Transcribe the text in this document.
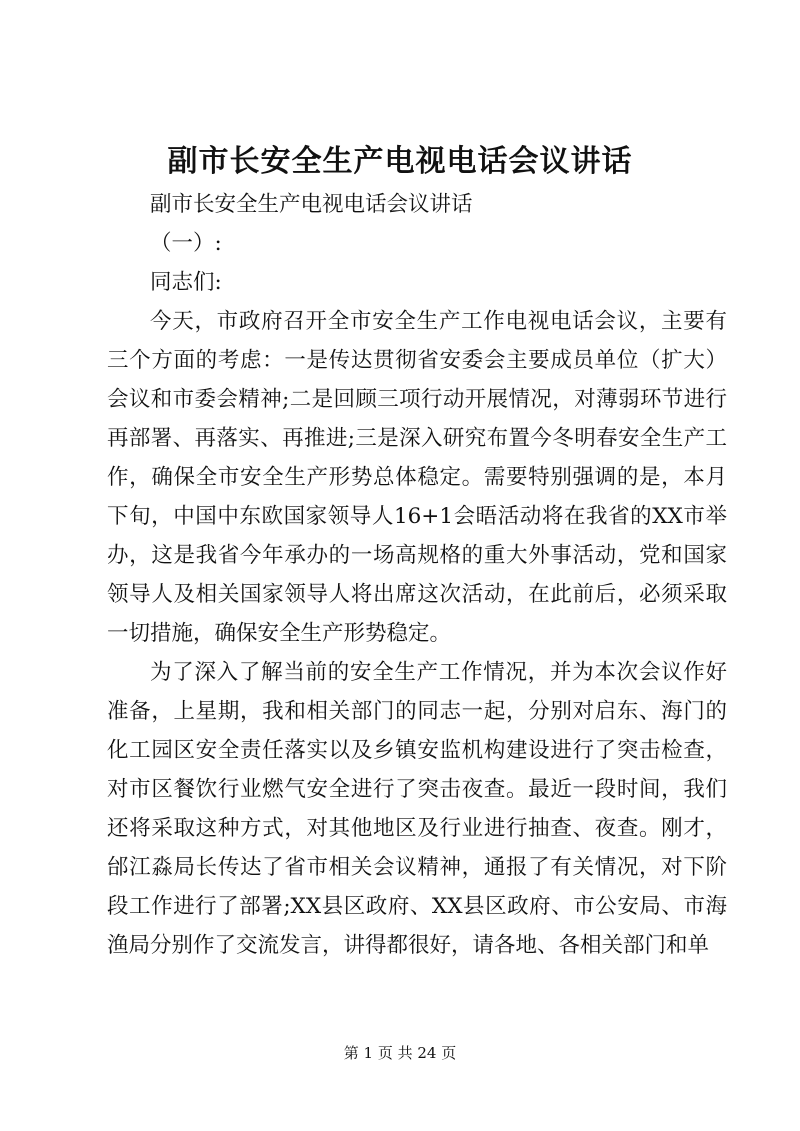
副市长安全生产电视电话会议讲话

副市长安全生产电视电话会议讲话

（一）:

同志们:

今天，市政府召开全市安全生产工作电视电话会议，主要有三个方面的考虑：一是传达贯彻省安委会主要成员单位（扩大）会议和市委会精神;二是回顾三项行动开展情况，对薄弱环节进行再部署、再落实、再推进;三是深入研究布置今冬明春安全生产工作，确保全市安全生产形势总体稳定。需要特别强调的是，本月下旬，中国中东欧国家领导人16+1会晤活动将在我省的XX市举办，这是我省今年承办的一场高规格的重大外事活动，党和国家领导人及相关国家领导人将出席这次活动，在此前后，必须采取一切措施，确保安全生产形势稳定。

为了深入了解当前的安全生产工作情况，并为本次会议作好准备，上星期，我和相关部门的同志一起，分别对启东、海门的化工园区安全责任落实以及乡镇安监机构建设进行了突击检查，对市区餐饮行业燃气安全进行了突击夜查。最近一段时间，我们还将采取这种方式，对其他地区及行业进行抽查、夜查。刚才，邰江淼局长传达了省市相关会议精神，通报了有关情况，对下阶段工作进行了部署;XX县区政府、XX县区政府、市公安局、市海渔局分别作了交流发言，讲得都很好，请各地、各相关部门和单

第 1 页 共 24 页
